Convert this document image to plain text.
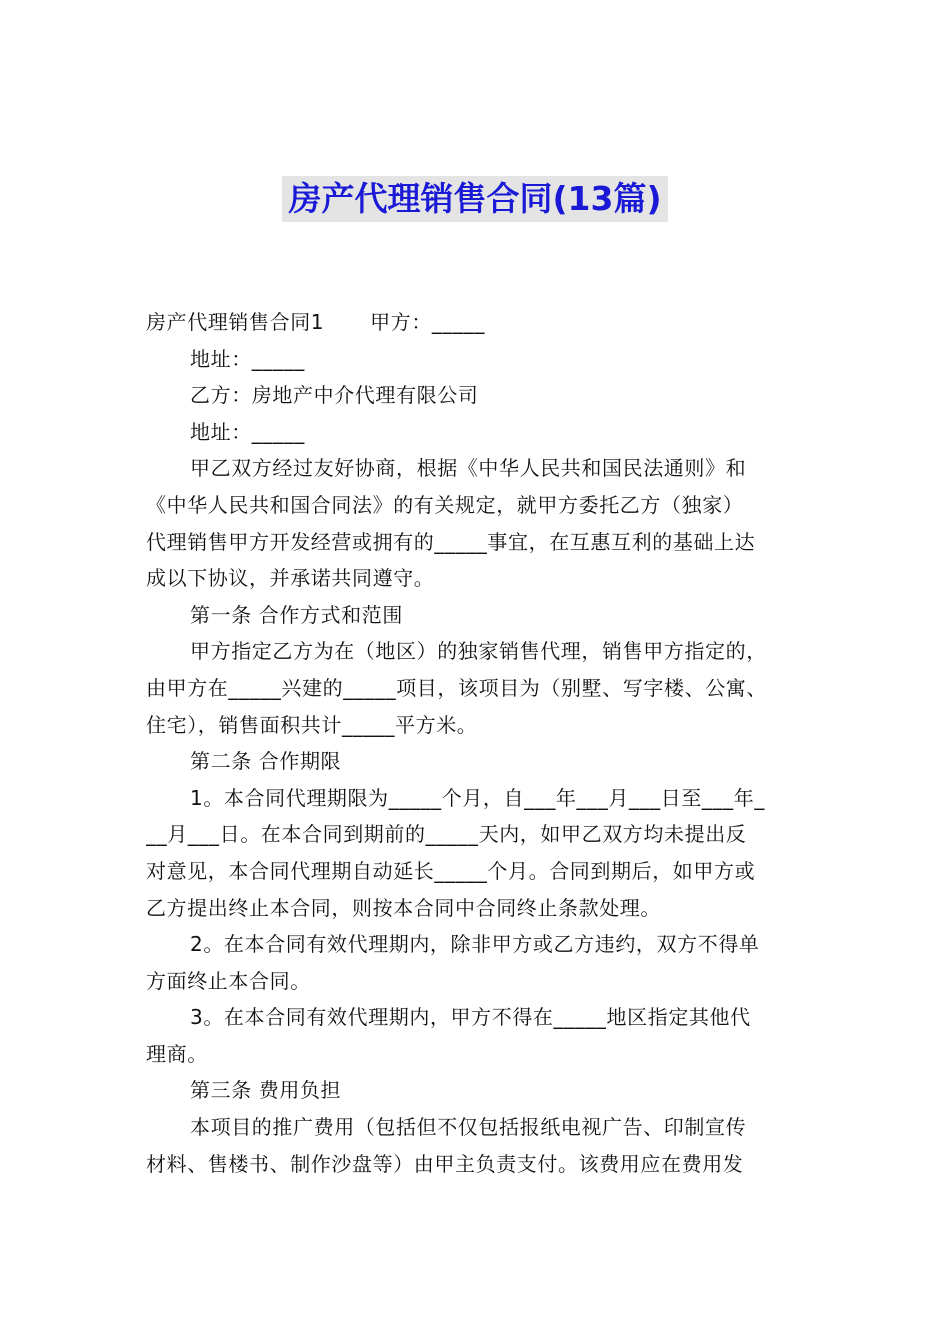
房产代理销售合同(13篇)
房产代理销售合同1 甲方：_____
地址：_____
乙方：房地产中介代理有限公司
地址：_____
甲乙双方经过友好协商，根据《中华人民共和国民法通则》和
《中华人民共和国合同法》的有关规定，就甲方委托乙方（独家）
代理销售甲方开发经营或拥有的_____事宜，在互惠互利的基础上达
成以下协议，并承诺共同遵守。
第一条 合作方式和范围
甲方指定乙方为在（地区）的独家销售代理，销售甲方指定的，
由甲方在_____兴建的_____项目，该项目为（别墅、写字楼、公寓、
住宅），销售面积共计_____平方米。
第二条 合作期限
1。本合同代理期限为_____个月，自___年___月___日至___年_
__月___日。在本合同到期前的_____天内，如甲乙双方均未提出反
对意见，本合同代理期自动延长_____个月。合同到期后，如甲方或
乙方提出终止本合同，则按本合同中合同终止条款处理。
2。在本合同有效代理期内，除非甲方或乙方违约，双方不得单
方面终止本合同。
3。在本合同有效代理期内，甲方不得在_____地区指定其他代
理商。
第三条 费用负担
本项目的推广费用（包括但不仅包括报纸电视广告、印制宣传
材料、售楼书、制作沙盘等）由甲主负责支付。该费用应在费用发
